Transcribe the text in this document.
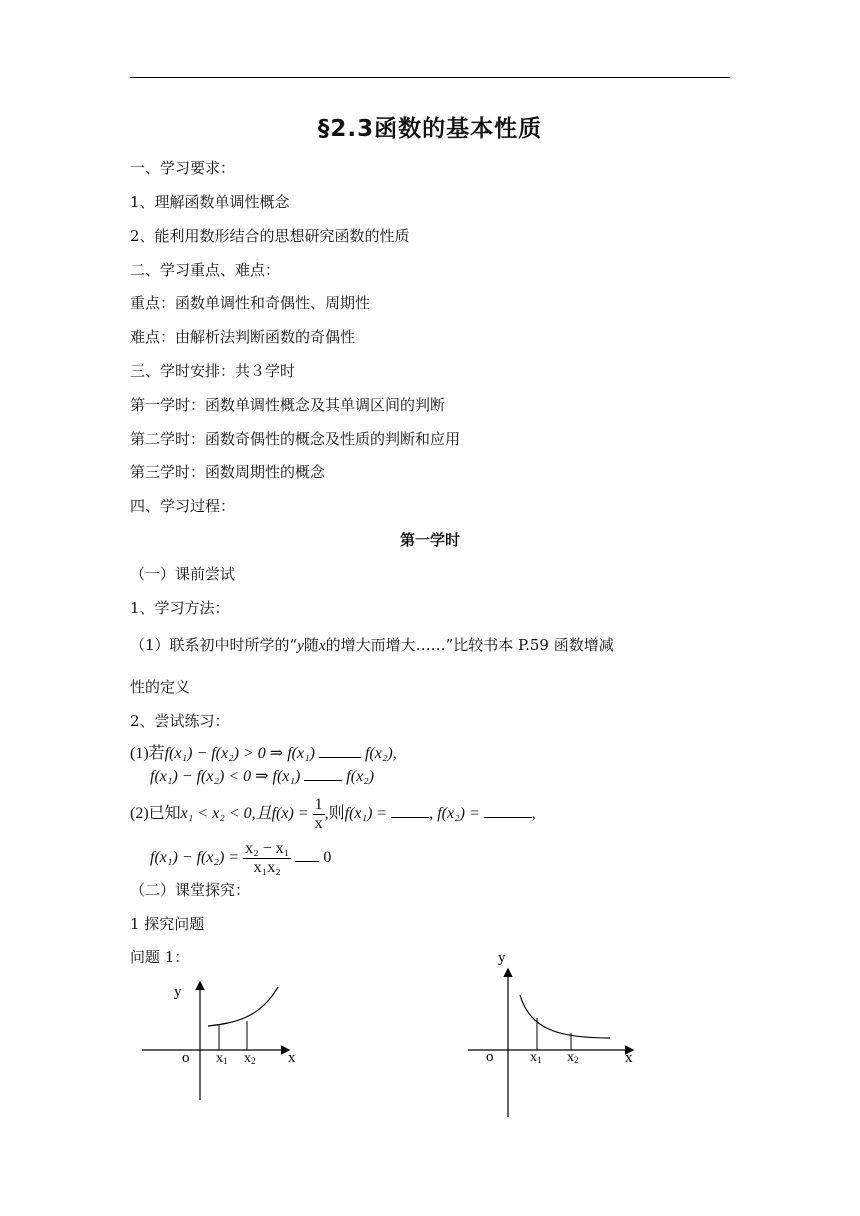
§2.3函数的基本性质
一、学习要求：
1、理解函数单调性概念
2、能利用数形结合的思想研究函数的性质
二、学习重点、难点：
重点：函数单调性和奇偶性、周期性
难点：由解析法判断函数的奇偶性
三、学时安排：共３学时
第一学时：函数单调性概念及其单调区间的判断
第二学时：函数奇偶性的概念及性质的判断和应用
第三学时：函数周期性的概念
四、学习过程：
第一学时
（一）课前尝试
1、学习方法：
（1）联系初中时所学的“y随x的增大而增大……”比较书本 P.59 函数增减
性的定义
2、尝试练习：
(1)若f(x₁) − f(x₂) > 0 ⇒ f(x₁)	f(x₂),
f(x₁) − f(x₂) < 0 ⇒ f(x₁)	f(x₂)
(2)已知x₁ < x₂ < 0,且$f(x) = \frac{1}{x}$ ,则f(x₁) =	, f(x₂) =	,
$f(x_1) - f(x_2) = \frac{\text{x₂ − x₁}}{\text{x₁x₂}} 0$
（二）课堂探究：
1 探究问题
问题 1：
y
o	x
x1 x2
y
o	x
x1 x2
